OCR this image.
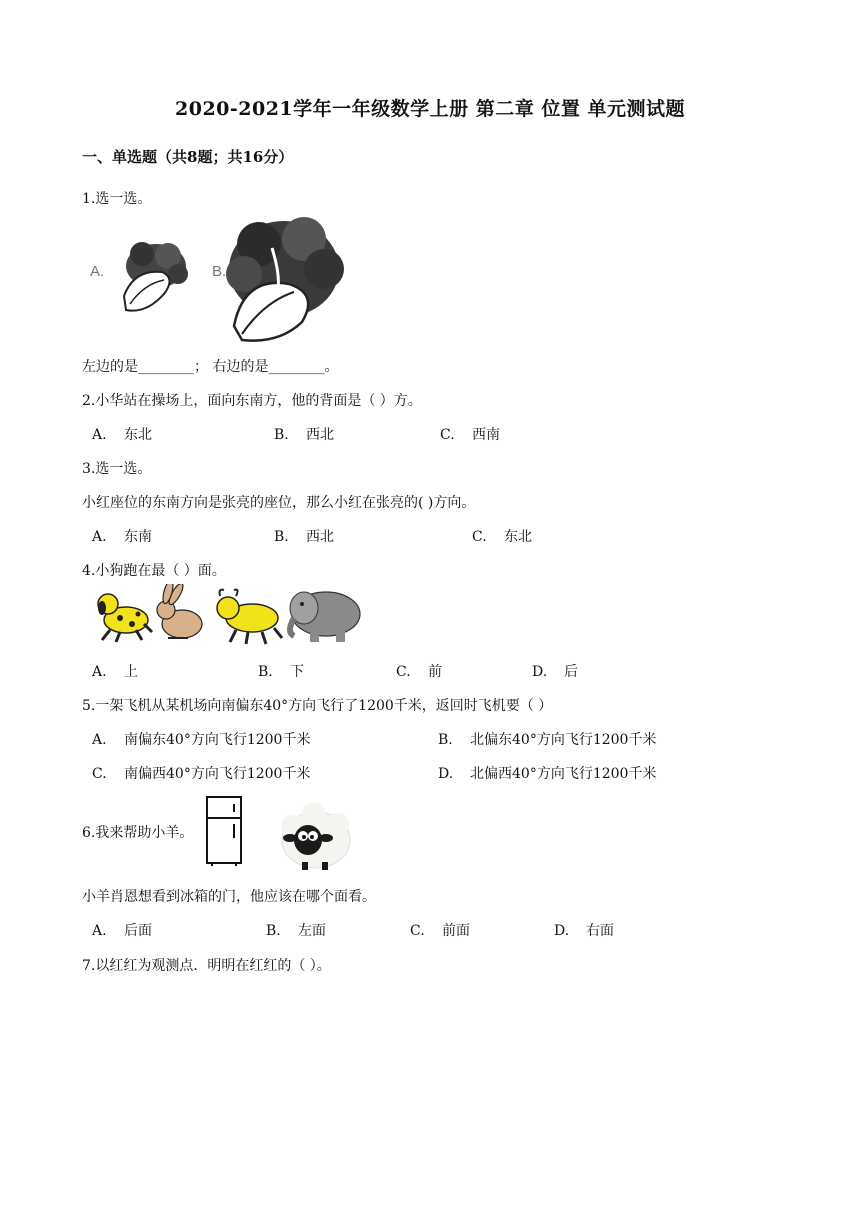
2020-2021学年一年级数学上册 第二章 位置 单元测试题
一、单选题（共8题；共16分）
1.选一选。
A.	B.
左边的是________； 右边的是________。
2.小华站在操场上，面向东南方，他的背面是（ ）方。
A. 东北	B. 西北	C. 西南
3.选一选。
小红座位的东南方向是张亮的座位，那么小红在张亮的( )方向。
A. 东南	B. 西北	C. 东北
4.小狗跑在最（ ）面。
A. 上	B. 下	C. 前	D. 后
5.一架飞机从某机场向南偏东40°方向飞行了1200千米，返回时飞机要（ ）
A. 南偏东40°方向飞行1200千米	B. 北偏东40°方向飞行1200千米
C. 南偏西40°方向飞行1200千米	D. 北偏西40°方向飞行1200千米
6.我来帮助小羊。
小羊肖恩想看到冰箱的门，他应该在哪个面看。
A. 后面	B. 左面	C. 前面	D. 右面
7.以红红为观测点．明明在红红的（ ）。
